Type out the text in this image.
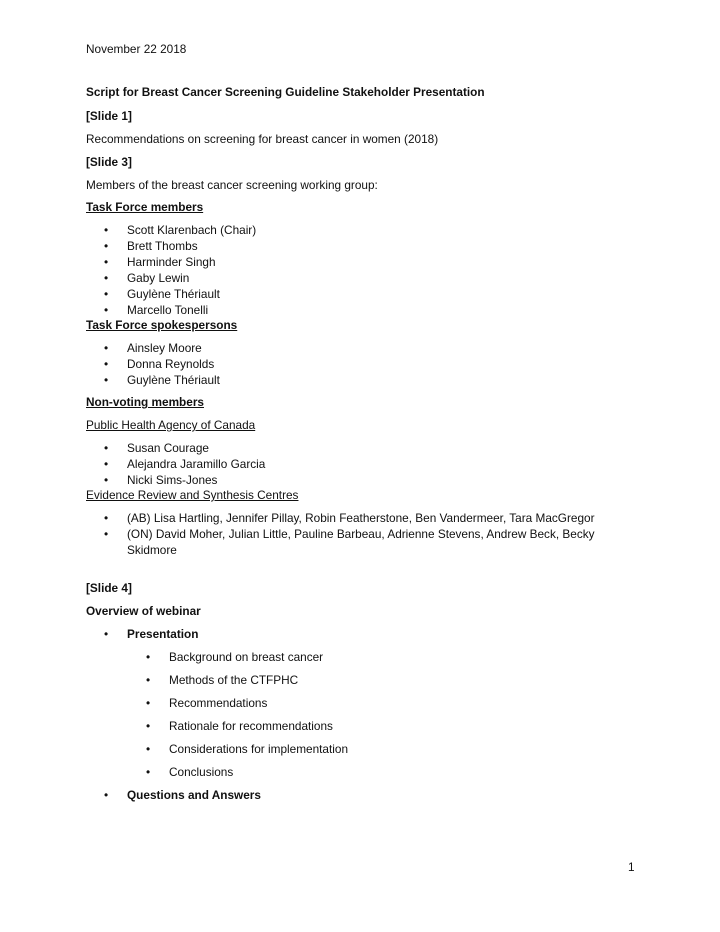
November 22 2018
Script for Breast Cancer Screening Guideline Stakeholder Presentation
[Slide 1]
Recommendations on screening for breast cancer in women (2018)
[Slide 3]
Members of the breast cancer screening working group:
Task Force members
• Scott Klarenbach (Chair)
• Brett Thombs
• Harminder Singh
• Gaby Lewin
• Guylène Thériault
• Marcello Tonelli
Task Force spokespersons
• Ainsley Moore
• Donna Reynolds
• Guylène Thériault
Non-voting members
Public Health Agency of Canada
• Susan Courage
• Alejandra Jaramillo Garcia
• Nicki Sims-Jones
Evidence Review and Synthesis Centres
• (AB) Lisa Hartling, Jennifer Pillay, Robin Featherstone, Ben Vandermeer, Tara MacGregor
• (ON) David Moher, Julian Little, Pauline Barbeau, Adrienne Stevens, Andrew Beck, Becky
Skidmore
[Slide 4]
Overview of webinar
• Presentation
• Background on breast cancer
• Methods of the CTFPHC
• Recommendations
• Rationale for recommendations
• Considerations for implementation
• Conclusions
• Questions and Answers
1
